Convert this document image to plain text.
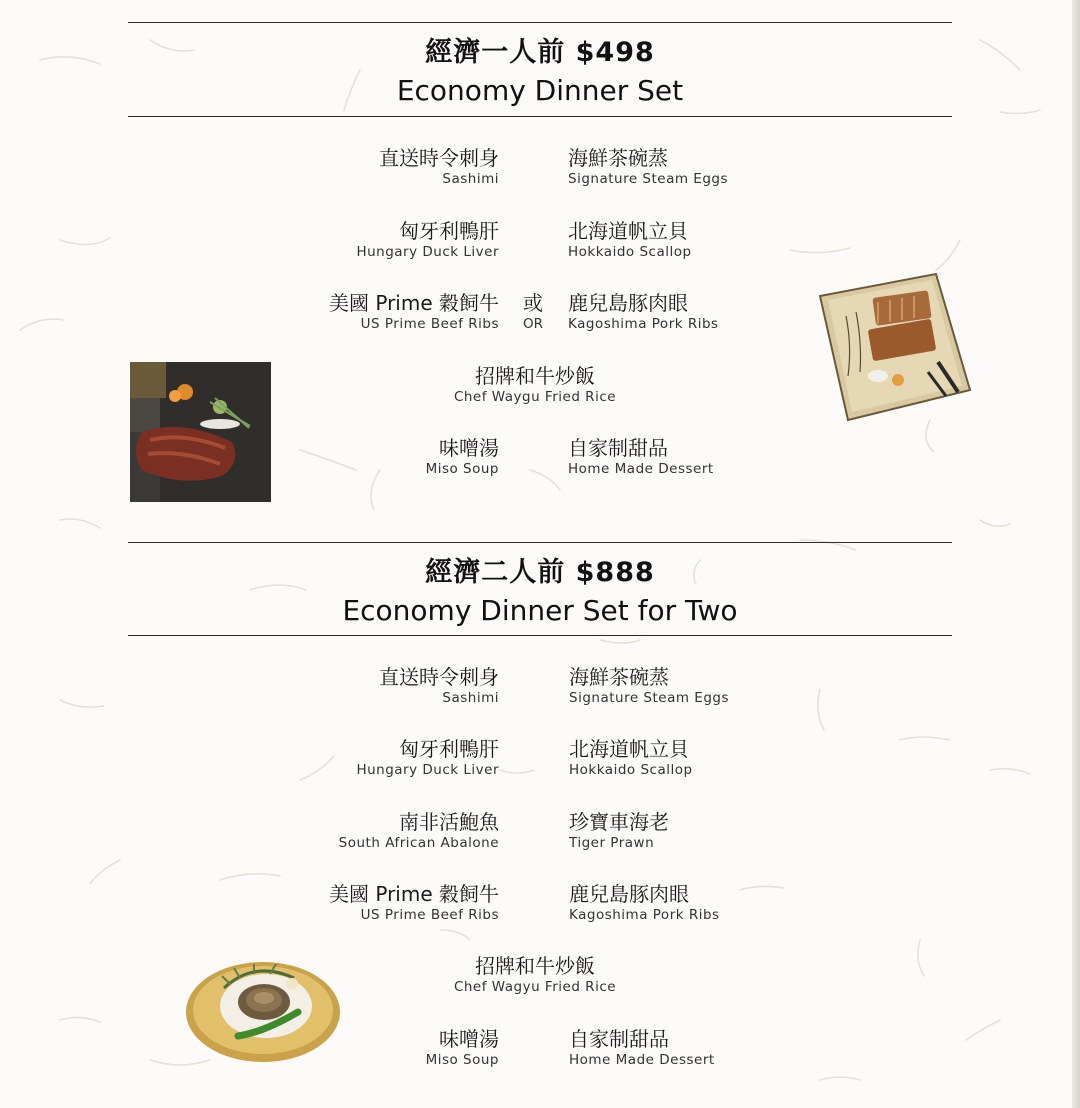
經濟一人前 $498
Economy Dinner Set
直送時令刺身
Sashimi
海鮮茶碗蒸
Signature Steam Eggs
匈牙利鴨肝
Hungary Duck Liver
北海道帆立貝
Hokkaido Scallop
美國 Prime 穀飼牛
US Prime Beef Ribs
或
OR
鹿兒島豚肉眼
Kagoshima Pork Ribs
招牌和牛炒飯
Chef Waygu Fried Rice
味噌湯
Miso Soup
自家制甜品
Home Made Dessert
經濟二人前 $888
Economy Dinner Set for Two
直送時令刺身
Sashimi
海鮮茶碗蒸
Signature Steam Eggs
匈牙利鴨肝
Hungary Duck Liver
北海道帆立貝
Hokkaido Scallop
南非活鮑魚
South African Abalone
珍寶車海老
Tiger Prawn
美國 Prime 穀飼牛
US Prime Beef Ribs
鹿兒島豚肉眼
Kagoshima Pork Ribs
招牌和牛炒飯
Chef Wagyu Fried Rice
味噌湯
Miso Soup
自家制甜品
Home Made Dessert
